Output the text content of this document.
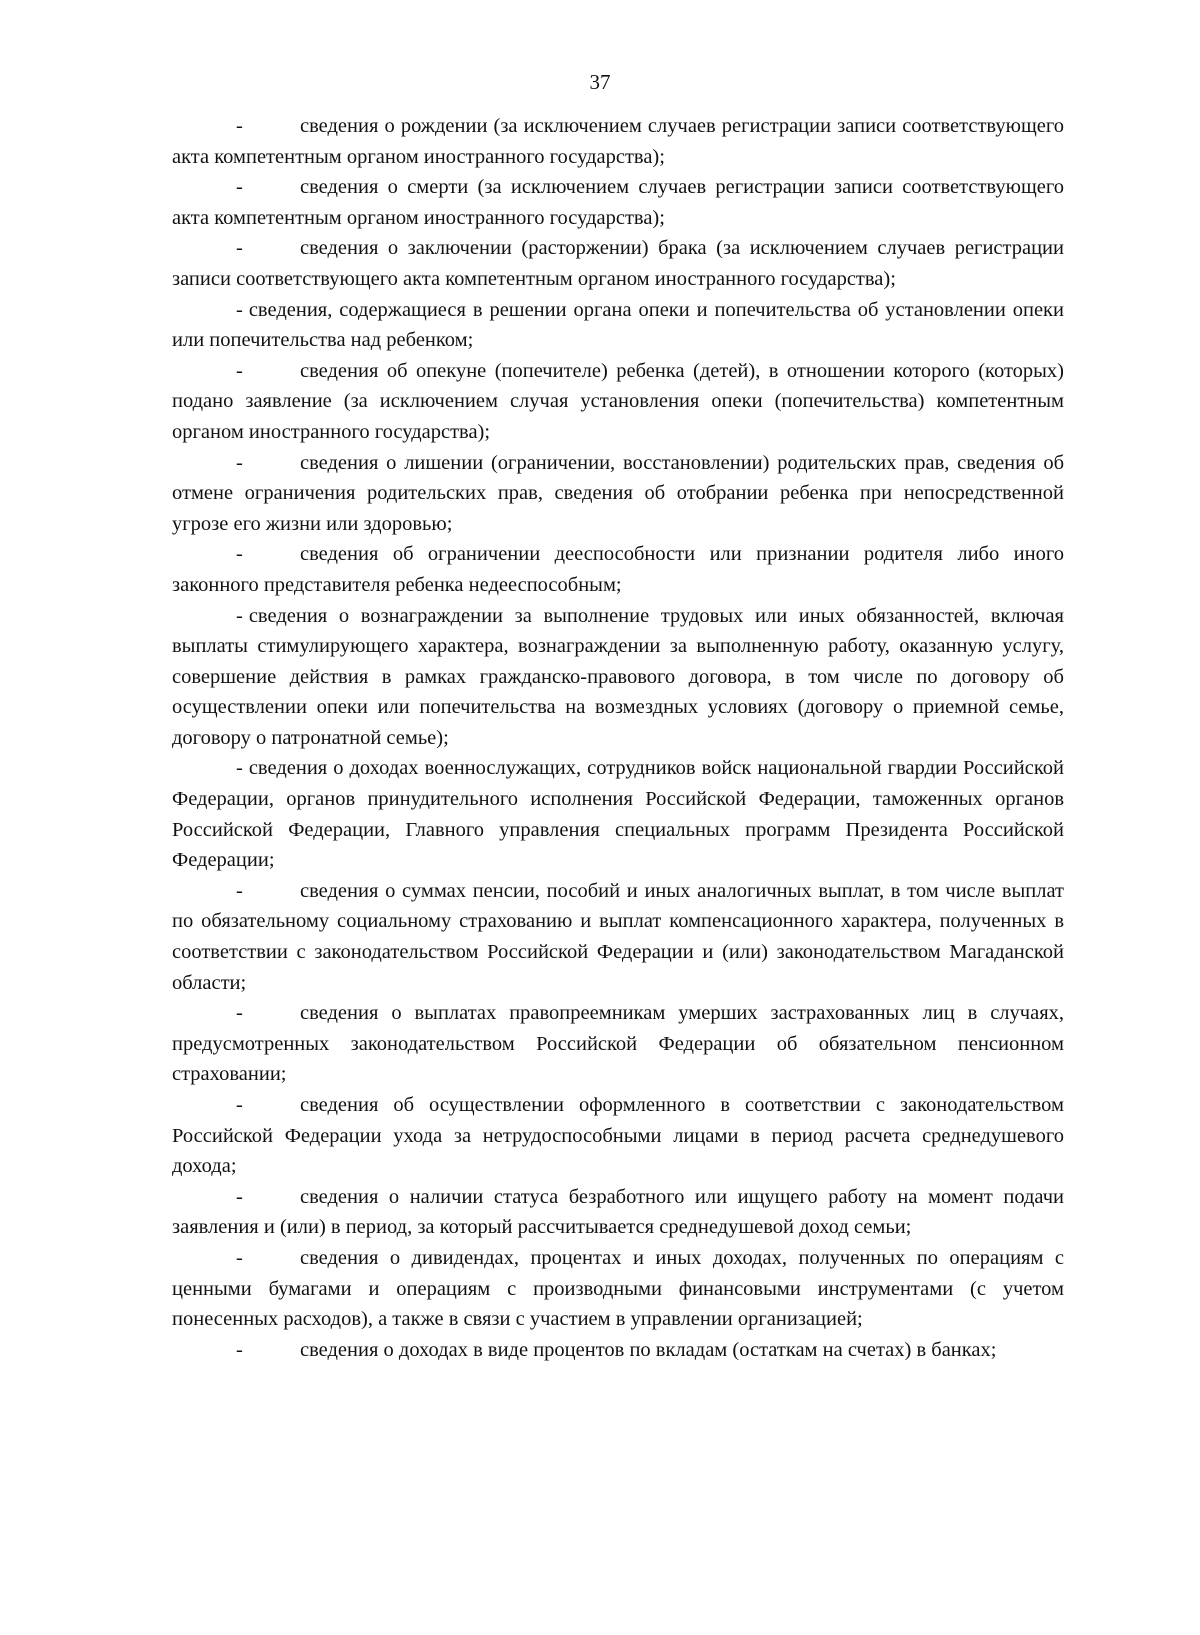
37

-	сведения о рождении (за исключением случаев регистрации записи соответствующего акта компетентным органом иностранного государства);

-	сведения о смерти (за исключением случаев регистрации записи соответствующего акта компетентным органом иностранного государства);

-	сведения о заключении (расторжении) брака (за исключением случаев регистрации записи соответствующего акта компетентным органом иностранного государства);

- сведения, содержащиеся в решении органа опеки и попечительства об установлении опеки или попечительства над ребенком;

-	сведения об опекуне (попечителе) ребенка (детей), в отношении которого (которых) подано заявление (за исключением случая установления опеки (попечительства) компетентным органом иностранного государства);

-	сведения о лишении (ограничении, восстановлении) родительских прав, сведения об отмене ограничения родительских прав, сведения об отобрании ребенка при непосредственной угрозе его жизни или здоровью;

-	сведения об ограничении дееспособности или признании родителя либо иного законного представителя ребенка недееспособным;

- сведения о вознаграждении за выполнение трудовых или иных обязанностей, включая выплаты стимулирующего характера, вознаграждении за выполненную работу, оказанную услугу, совершение действия в рамках гражданско-правового договора, в том числе по договору об осуществлении опеки или попечительства на возмездных условиях (договору о приемной семье, договору о патронатной семье);

- сведения о доходах военнослужащих, сотрудников войск национальной гвардии Российской Федерации, органов принудительного исполнения Российской Федерации, таможенных органов Российской Федерации, Главного управления специальных программ Президента Российской Федерации;

-	сведения о суммах пенсии, пособий и иных аналогичных выплат, в том числе выплат по обязательному социальному страхованию и выплат компенсационного характера, полученных в соответствии с законодательством Российской Федерации и (или) законодательством Магаданской области;

-	сведения о выплатах правопреемникам умерших застрахованных лиц в случаях, предусмотренных законодательством Российской Федерации об обязательном пенсионном страховании;

-	сведения об осуществлении оформленного в соответствии с законодательством Российской Федерации ухода за нетрудоспособными лицами в период расчета среднедушевого дохода;

-	сведения о наличии статуса безработного или ищущего работу на момент подачи заявления и (или) в период, за который рассчитывается среднедушевой доход семьи;

-	сведения о дивидендах, процентах и иных доходах, полученных по операциям с ценными бумагами и операциям с производными финансовыми инструментами (с учетом понесенных расходов), а также в связи с участием в управлении организацией;

-	сведения о доходах в виде процентов по вкладам (остаткам на счетах) в банках;
